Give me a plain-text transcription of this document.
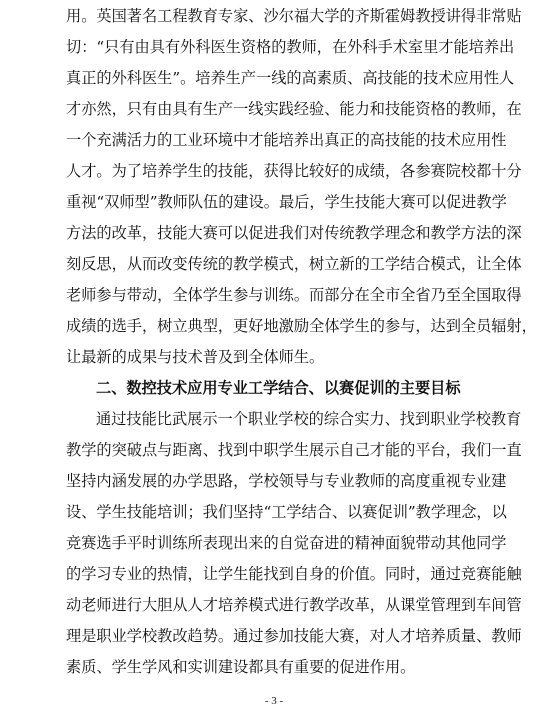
用。英国著名工程教育专家、沙尔福大学的齐斯霍姆教授讲得非常贴
切：“只有由具有外科医生资格的教师，在外科手术室里才能培养出
真正的外科医生”。培养生产一线的高素质、高技能的技术应用性人
才亦然，只有由具有生产一线实践经验、能力和技能资格的教师，在
一个充满活力的工业环境中才能培养出真正的高技能的技术应用性
人才。为了培养学生的技能，获得比较好的成绩，各参赛院校都十分
重视“双师型”教师队伍的建设。最后，学生技能大赛可以促进教学
方法的改革，技能大赛可以促进我们对传统教学理念和教学方法的深
刻反思，从而改变传统的教学模式，树立新的工学结合模式，让全体
老师参与带动，全体学生参与训练。而部分在全市全省乃至全国取得
成绩的选手，树立典型，更好地激励全体学生的参与，达到全员辐射，
让最新的成果与技术普及到全体师生。
二、数控技术应用专业工学结合、以赛促训的主要目标
通过技能比武展示一个职业学校的综合实力、找到职业学校教育
教学的突破点与距离、找到中职学生展示自己才能的平台，我们一直
坚持内涵发展的办学思路，学校领导与专业教师的高度重视专业建
设、学生技能培训；我们坚持“工学结合、以赛促训”教学理念，以
竞赛选手平时训练所表现出来的自觉奋进的精神面貌带动其他同学
的学习专业的热情，让学生能找到自身的价值。同时，通过竞赛能触
动老师进行大胆从人才培养模式进行教学改革，从课堂管理到车间管
理是职业学校教改趋势。通过参加技能大赛，对人才培养质量、教师
素质、学生学风和实训建设都具有重要的促进作用。
- 3 -
